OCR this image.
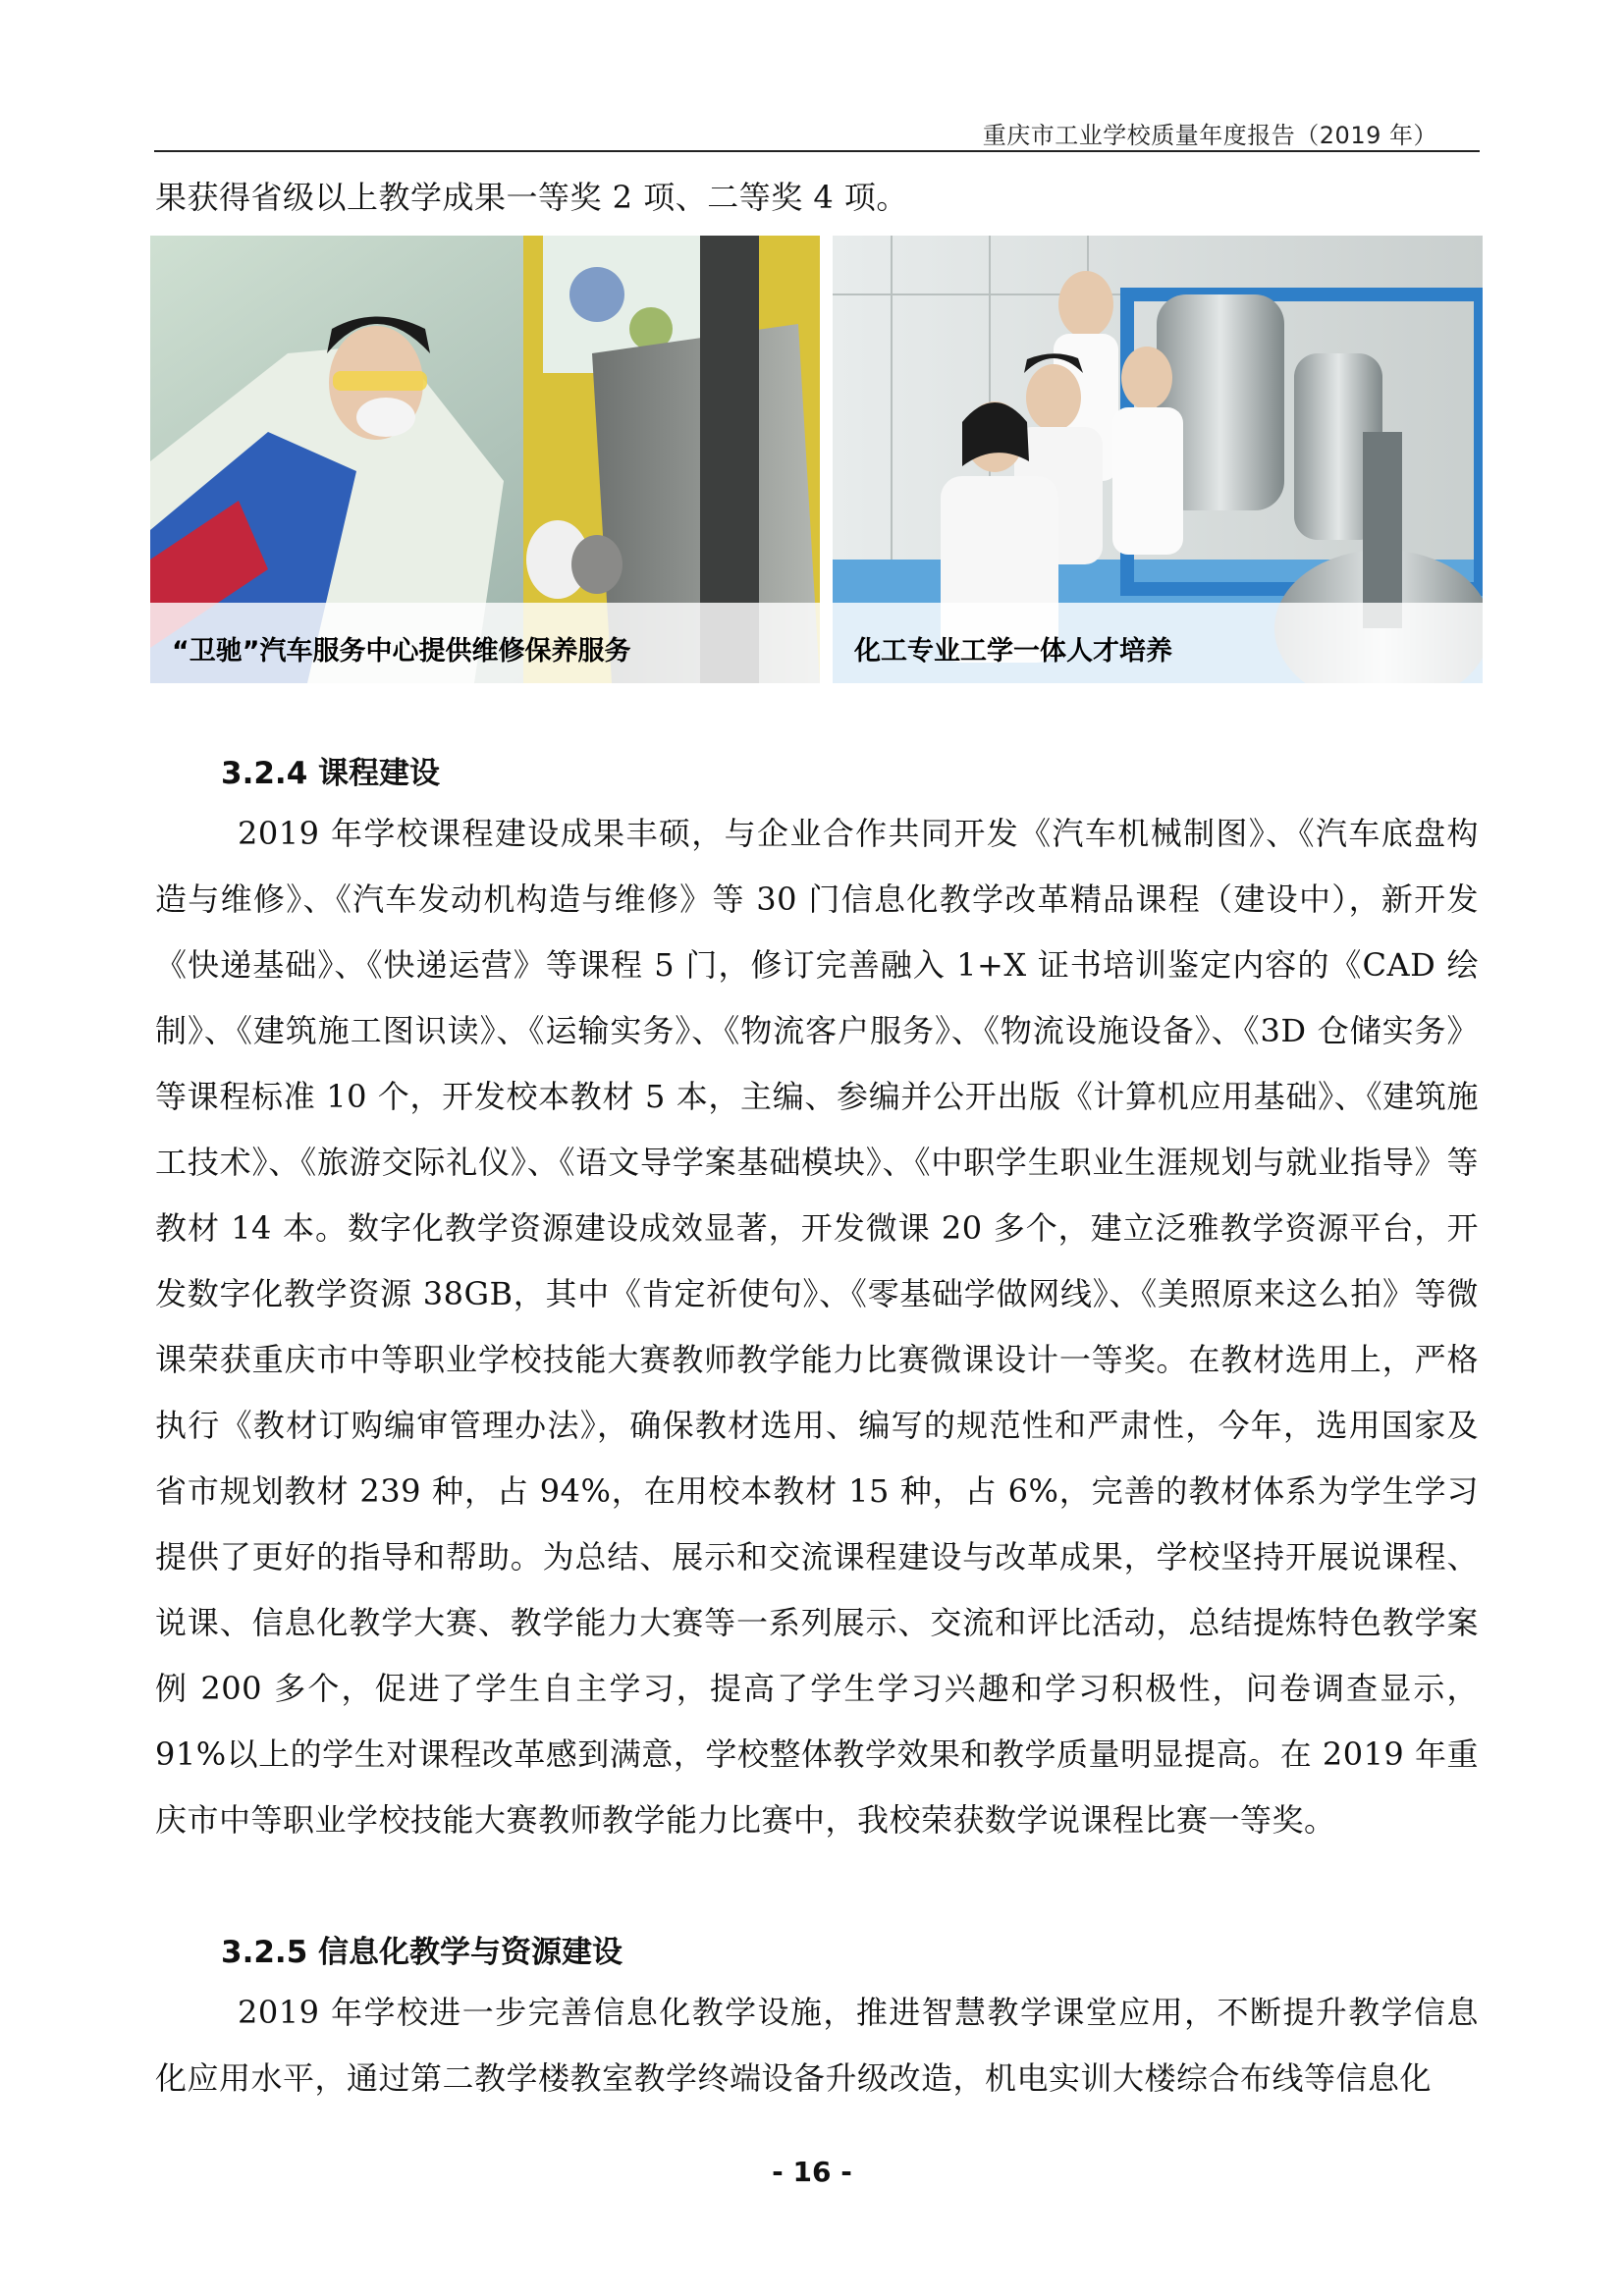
重庆市工业学校质量年度报告（2019 年）

果获得省级以上教学成果一等奖 2 项、二等奖 4 项。

“卫驰”汽车服务中心提供维修保养服务	化工专业工学一体人才培养
3.2.4 课程建设

2019 年学校课程建设成果丰硕，与企业合作共同开发《汽车机械制图》、《汽车底盘构造与维修》、《汽车发动机构造与维修》等 30 门信息化教学改革精品课程（建设中），新开发《快递基础》、《快递运营》等课程 5 门，修订完善融入 1+X 证书培训鉴定内容的《CAD 绘制》、《建筑施工图识读》、《运输实务》、《物流客户服务》、《物流设施设备》、《3D 仓储实务》等课程标准 10 个，开发校本教材 5 本，主编、参编并公开出版《计算机应用基础》、《建筑施工技术》、《旅游交际礼仪》、《语文导学案基础模块》、《中职学生职业生涯规划与就业指导》等教材 14 本。数字化教学资源建设成效显著，开发微课 20 多个，建立泛雅教学资源平台，开发数字化教学资源 38GB，其中《肯定祈使句》、《零基础学做网线》、《美照原来这么拍》等微课荣获重庆市中等职业学校技能大赛教师教学能力比赛微课设计一等奖。在教材选用上，严格执行《教材订购编审管理办法》，确保教材选用、编写的规范性和严肃性，今年，选用国家及省市规划教材 239 种，占 94%，在用校本教材 15 种，占 6%，完善的教材体系为学生学习提供了更好的指导和帮助。为总结、展示和交流课程建设与改革成果，学校坚持开展说课程、说课、信息化教学大赛、教学能力大赛等一系列展示、交流和评比活动，总结提炼特色教学案例 200 多个，促进了学生自主学习，提高了学生学习兴趣和学习积极性，问卷调查显示，91%以上的学生对课程改革感到满意，学校整体教学效果和教学质量明显提高。在 2019 年重庆市中等职业学校技能大赛教师教学能力比赛中，我校荣获数学说课程比赛一等奖。

3.2.5 信息化教学与资源建设

2019 年学校进一步完善信息化教学设施，推进智慧教学课堂应用，不断提升教学信息化应用水平，通过第二教学楼教室教学终端设备升级改造，机电实训大楼综合布线等信息化

- 16 -
